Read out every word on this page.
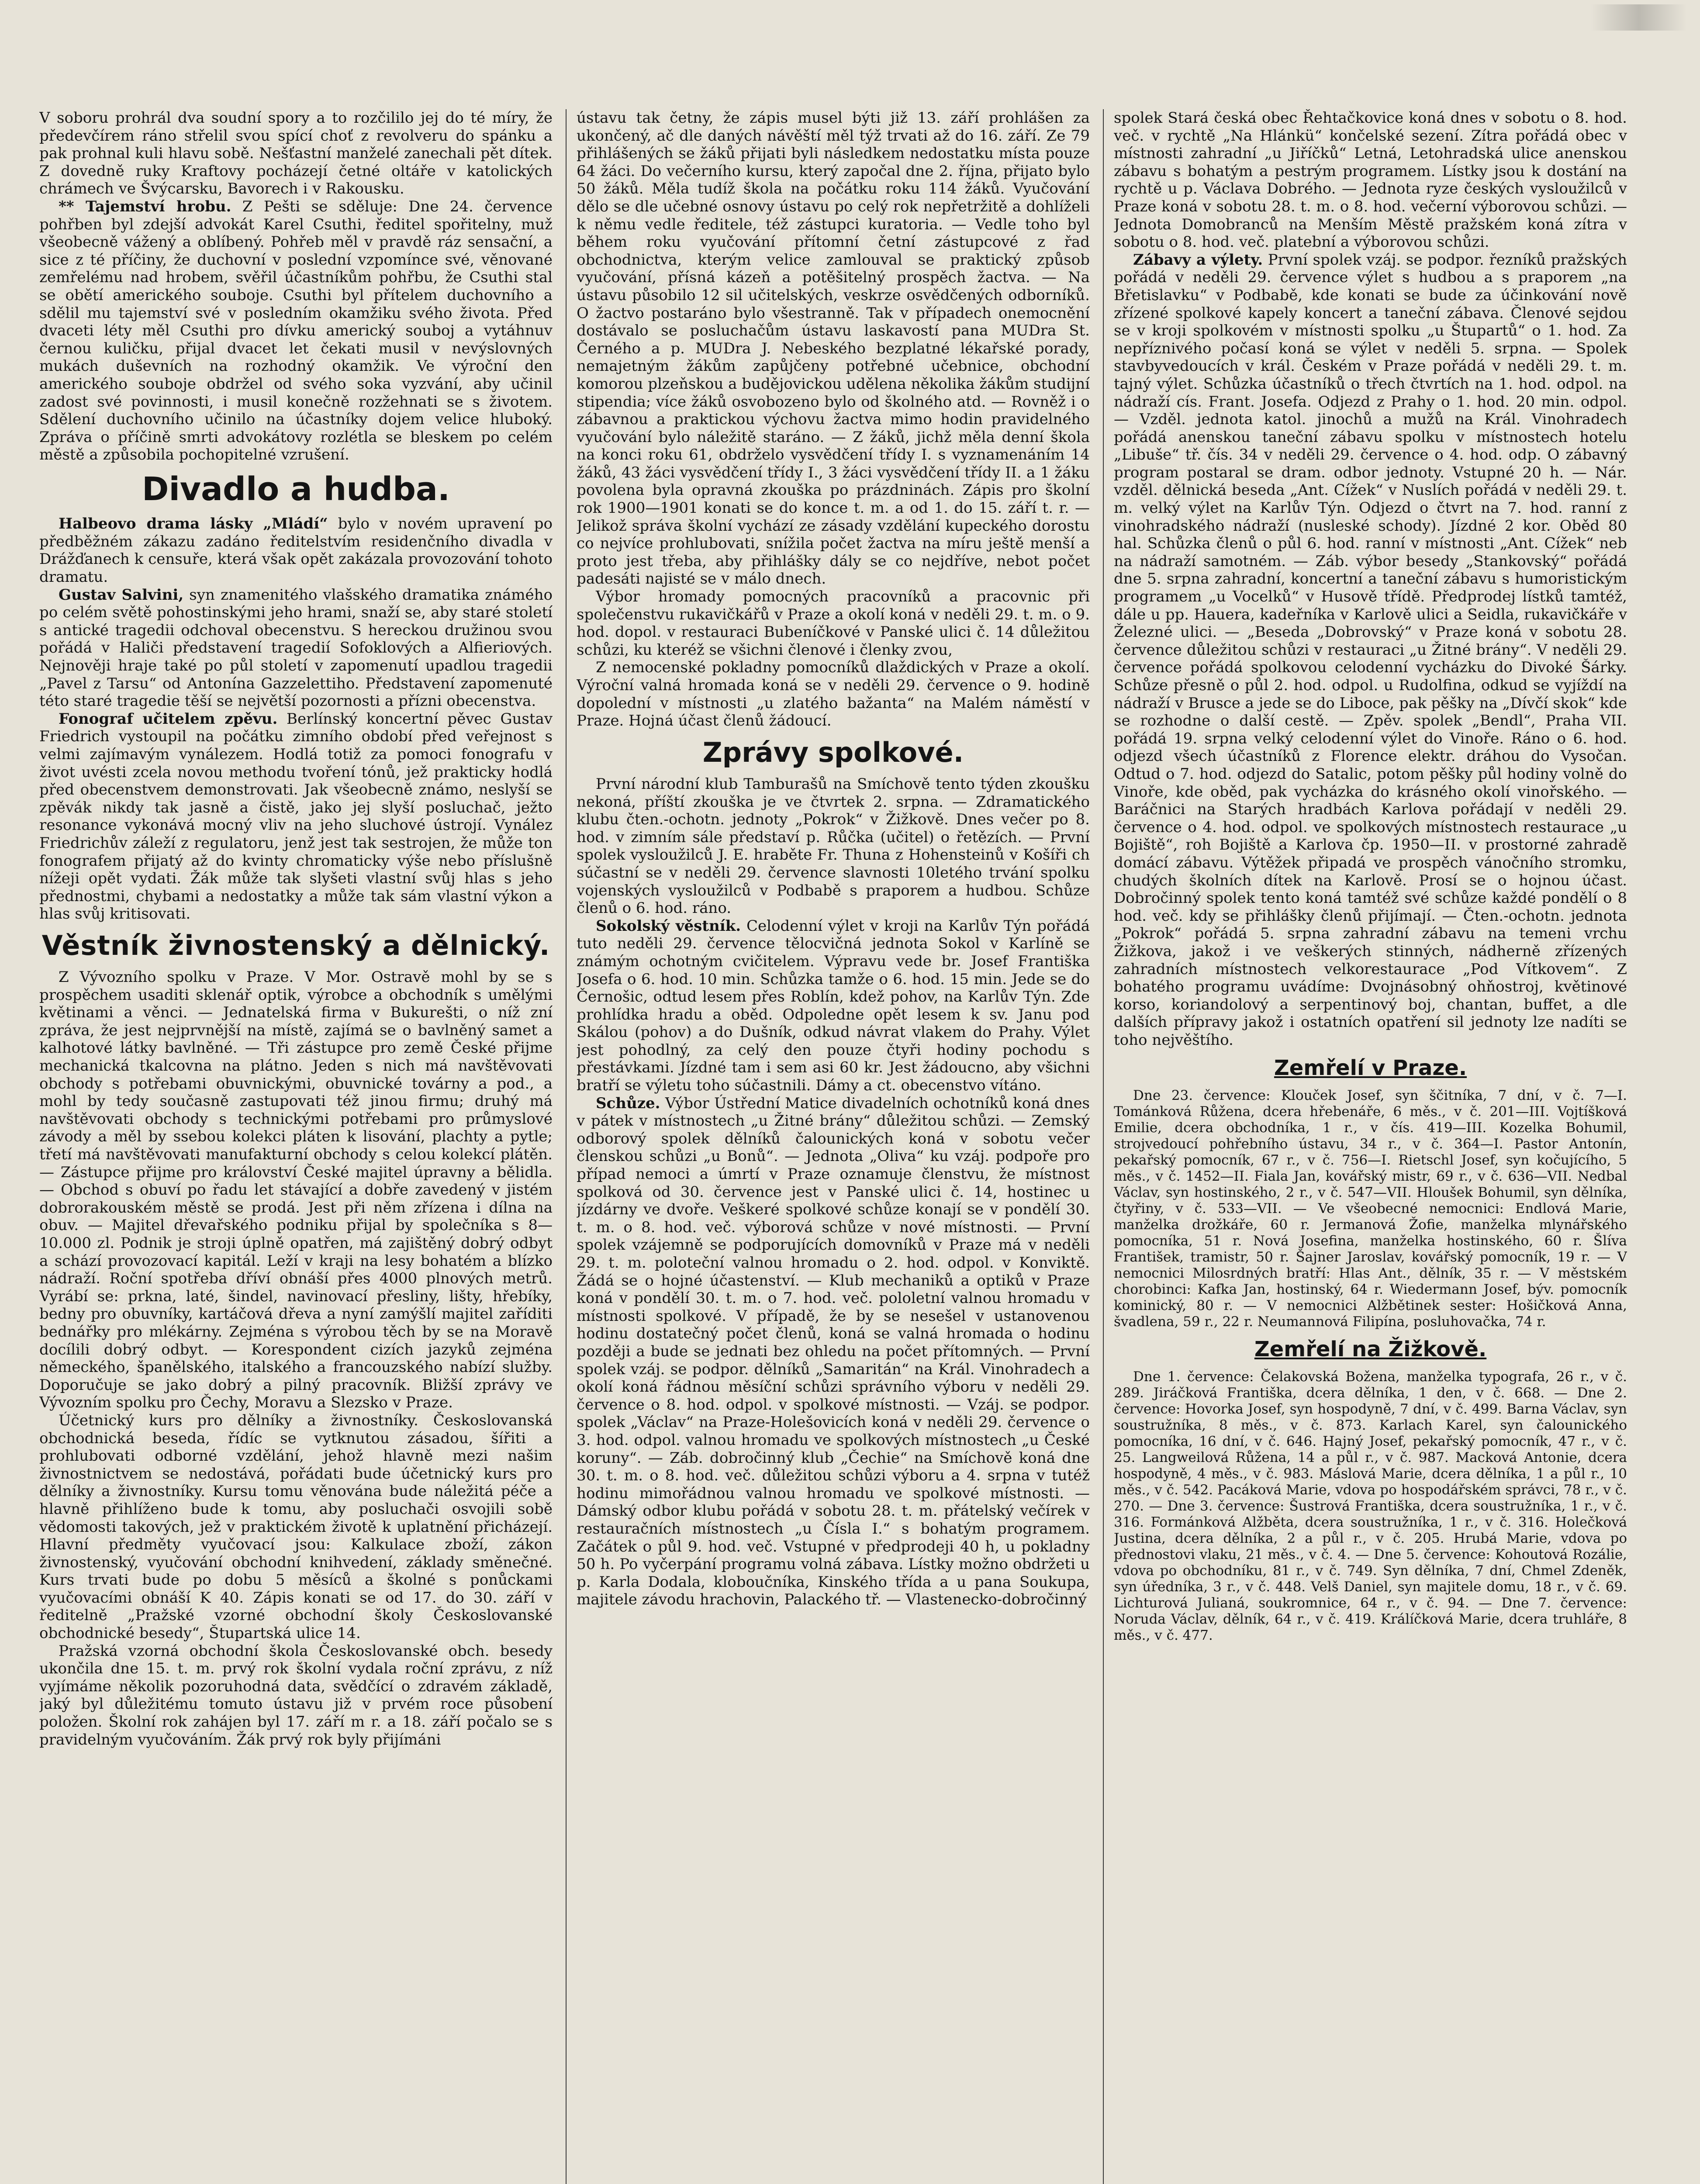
V soboru prohrál dva soudní spory a to rozčililo jej do té míry, že předevčírem ráno střelil svou spící choť z revolveru do spánku a pak prohnal kuli hlavu sobě. Nešťastní manželé zanechali pět dítek. Z dovedně ruky Kraftovy pocházejí četné oltáře v katolických chrámech ve Švýcarsku, Bavorech i v Rakousku.

** Tajemství hrobu. Z Pešti se sděluje: Dne 24. července pohřben byl zdejší advokát Karel Csuthi, ředitel spořitelny, muž všeobecně vážený a oblíbený. Pohřeb měl v pravdě ráz sensační, a sice z té příčiny, že duchovní v poslední vzpomínce své, věnované zemřelému nad hrobem, svěřil účastníkům pohřbu, že Csuthi stal se obětí amerického souboje. Csuthi byl přítelem duchovního a sdělil mu tajemství své v posledním okamžiku svého života. Před dvaceti léty měl Csuthi pro dívku americký souboj a vytáhnuv černou kuličku, přijal dvacet let čekati musil v nevýslovných mukách duševních na rozhodný okamžik. Ve výroční den amerického souboje obdržel od svého soka vyzvání, aby učinil zadost své povinnosti, i musil konečně rozžehnati se s životem. Sdělení duchovního učinilo na účastníky dojem velice hluboký. Zpráva o příčině smrti advokátovy rozlétla se bleskem po celém městě a způsobila pochopitelné vzrušení.

Divadlo a hudba.

Halbeovo drama lásky „Mládí“ bylo v novém upravení po předběžném zákazu zadáno ředitelstvím residenčního divadla v Drážďanech k censuře, která však opět zakázala provozování tohoto dramatu.

Gustav Salvini, syn znamenitého vlašského dramatika známého po celém světě pohostinskými jeho hrami, snaží se, aby staré století s antické tragedii odchoval obecenstvu. S hereckou družinou svou pořádá v Haliči představení tragedií Sofoklových a Alfieriových. Nejnověji hraje také po půl století v zapomenutí upadlou tragedii „Pavel z Tarsu“ od Antonína Gazzelettiho. Představení zapomenuté této staré tragedie těší se největší pozornosti a přízni obecenstva.

Fonograf učitelem zpěvu. Berlínský koncertní pěvec Gustav Friedrich vystoupil na počátku zimního období před veřejnost s velmi zajímavým vynálezem. Hodlá totiž za pomoci fonografu v život uvésti zcela novou methodu tvoření tónů, jež prakticky hodlá před obecenstvem demonstrovati. Jak všeobecně známo, neslyší se zpěvák nikdy tak jasně a čistě, jako jej slyší posluchač, ježto resonance vykonává mocný vliv na jeho sluchové ústrojí. Vynález Friedrichův záleží z regulatoru, jenž jest tak sestrojen, že může ton fonografem přijatý až do kvinty chromaticky výše nebo příslušně nížeji opět vydati. Žák může tak slyšeti vlastní svůj hlas s jeho přednostmi, chybami a nedostatky a může tak sám vlastní výkon a hlas svůj kritisovati.

Věstník živnostenský a dělnický.

Z Vývozního spolku v Praze. V Mor. Ostravě mohl by se s prospěchem usaditi sklenář optik, výrobce a obchodník s umělými květinami a věnci. — Jednatelská firma v Bukurešti, o níž zní zpráva, že jest nejprvnější na místě, zajímá se o bavlněný samet a kalhotové látky bavlněné. — Tři zástupce pro země České přijme mechanická tkalcovna na plátno. Jeden s nich má navštěvovati obchody s potřebami obuvnickými, obuvnické továrny a pod., a mohl by tedy současně zastupovati též jinou firmu; druhý má navštěvovati obchody s technickými potřebami pro průmyslové závody a měl by ssebou kolekci pláten k lisování, plachty a pytle; třetí má navštěvovati manufakturní obchody s celou kolekcí plátěn. — Zástupce přijme pro království České majitel úpravny a bělidla. — Obchod s obuví po řadu let stávající a dobře zavedený v jistém dobrorakouském městě se prodá. Jest při něm zřízena i dílna na obuv. — Majitel dřevařského podniku přijal by společníka s 8—10.000 zl. Podnik je stroji úplně opatřen, má zajištěný dobrý odbyt a schází provozovací kapitál. Leží v kraji na lesy bohatém a blízko nádraží. Roční spotřeba dříví obnáší přes 4000 plnových metrů. Vyrábí se: prkna, laté, šindel, navinovací přesliny, lišty, hřebíky, bedny pro obuvníky, kartáčová dřeva a nyní zamýšlí majitel zaříditi bednářky pro mlékárny. Zejména s výrobou těch by se na Moravě docílili dobrý odbyt. — Korespondent cizích jazyků zejména německého, španělského, italského a francouzského nabízí služby. Doporučuje se jako dobrý a pilný pracovník. Bližší zprávy ve Vývozním spolku pro Čechy, Moravu a Slezsko v Praze.

Účetnický kurs pro dělníky a živnostníky. Českoslovanská obchodnická beseda, řídíc se vytknutou zásadou, šířiti a prohlubovati odborné vzdělání, jehož hlavně mezi našim živnostnictvem se nedostává, pořádati bude účetnický kurs pro dělníky a živnostníky. Kursu tomu věnována bude náležitá péče a hlavně přihlíženo bude k tomu, aby posluchači osvojili sobě vědomosti takových, jež v praktickém životě k uplatnění přicházejí. Hlavní předměty vyučovací jsou: Kalkulace zboží, zákon živnostenský, vyučování obchodní knihvedení, základy směnečné. Kurs trvati bude po dobu 5 měsíců a školné s ponůckami vyučovacími obnáší K 40. Zápis konati se od 17. do 30. září v ředitelně „Pražské vzorné obchodní školy Českoslovanské obchodnické besedy“, Štupartská ulice 14.

Pražská vzorná obchodní škola Českoslovanské obch. besedy ukončila dne 15. t. m. prvý rok školní vydala roční zprávu, z níž vyjímáme několik pozoruhodná data, svědčící o zdravém základě, jaký byl důležitému tomuto ústavu již v prvém roce působení položen. Školní rok zahájen byl 17. září m r. a 18. září počalo se s pravidelným vyučováním. Žák prvý rok byly přijímáni

ústavu tak četny, že zápis musel býti již 13. září prohlášen za ukončený, ač dle daných návěští měl týž trvati až do 16. září. Ze 79 přihlášených se žáků přijati byli následkem nedostatku místa pouze 64 žáci. Do večerního kursu, který započal dne 2. října, přijato bylo 50 žáků. Měla tudíž škola na počátku roku 114 žáků. Vyučování dělo se dle učebné osnovy ústavu po celý rok nepřetržitě a dohlíželi k němu vedle ředitele, též zástupci kuratoria. — Vedle toho byl během roku vyučování přítomní četní zástupcové z řad obchodnictva, kterým velice zamlouval se praktický způsob vyučování, přísná kázeň a potěšitelný prospěch žactva. — Na ústavu působilo 12 sil učitelských, veskrze osvědčených odborníků. O žactvo postaráno bylo všestranně. Tak v případech onemocnění dostávalo se posluchačům ústavu laskavostí pana MUDra St. Černého a p. MUDra J. Nebeského bezplatné lékařské porady, nemajetným žákům zapůjčeny potřebné učebnice, obchodní komorou plzeňskou a budějovickou udělena několika žákům studijní stipendia; více žáků osvobozeno bylo od školného atd. — Rovněž i o zábavnou a praktickou výchovu žactva mimo hodin pravidelného vyučování bylo náležitě staráno. — Z žáků, jichž měla denní škola na konci roku 61, obdrželo vysvědčení třídy I. s vyznamenáním 14 žáků, 43 žáci vysvědčení třídy I., 3 žáci vysvědčení třídy II. a 1 žáku povolena byla opravná zkouška po prázdninách. Zápis pro školní rok 1900—1901 konati se do konce t. m. a od 1. do 15. září t. r. — Jelikož správa školní vychází ze zásady vzdělání kupeckého dorostu co nejvíce prohlubovati, snížila počet žactva na míru ještě menší a proto jest třeba, aby přihlášky dály se co nejdříve, nebot počet padesáti najisté se v málo dnech.

Výbor hromady pomocných pracovníků a pracovnic při společenstvu rukavičkářů v Praze a okolí koná v neděli 29. t. m. o 9. hod. dopol. v restauraci Bubeníčkové v Panské ulici č. 14 důležitou schůzi, ku kteréž se všichni členové i členky zvou,

Z nemocenské pokladny pomocníků dlaždických v Praze a okolí. Výroční valná hromada koná se v neděli 29. července o 9. hodině dopolední v místnosti „u zlatého bažanta“ na Malém náměstí v Praze. Hojná účast členů žádoucí.

Zprávy spolkové.

První národní klub Tamburašů na Smíchově tento týden zkoušku nekoná, příští zkouška je ve čtvrtek 2. srpna. — Zdramatického klubu čten.-ochotn. jednoty „Pokrok“ v Žižkově. Dnes večer po 8. hod. v zimním sále představí p. Růčka (učitel) o řetězích. — První spolek vysloužilců J. E. hraběte Fr. Thuna z Hohensteinů v Košíři ch súčastní se v neděli 29. července slavnosti 10letého trvání spolku vojenských vysloužilců v Podbabě s praporem a hudbou. Schůze členů o 6. hod. ráno.

Sokolský věstník. Celodenní výlet v kroji na Karlův Týn pořádá tuto neděli 29. července tělocvičná jednota Sokol v Karlíně se známým ochotným cvičitelem. Výpravu vede br. Josef Františka Josefa o 6. hod. 10 min. Schůzka tamže o 6. hod. 15 min. Jede se do Černošic, odtud lesem přes Roblín, kdež pohov, na Karlův Týn. Zde prohlídka hradu a oběd. Odpoledne opět lesem k sv. Janu pod Skálou (pohov) a do Dušník, odkud návrat vlakem do Prahy. Výlet jest pohodlný, za celý den pouze čtyři hodiny pochodu s přestávkami. Jízdné tam i sem asi 60 kr. Jest žádoucno, aby všichni bratří se výletu toho súčastnili. Dámy a ct. obecenstvo vítáno.

Schůze. Výbor Ústřední Matice divadelních ochotníků koná dnes v pátek v místnostech „u Žitné brány“ důležitou schůzi. — Zemský odborový spolek dělníků čalounických koná v sobotu večer členskou schůzi „u Bonů“. — Jednota „Oliva“ ku vzáj. podpoře pro případ nemoci a úmrtí v Praze oznamuje členstvu, že místnost spolková od 30. července jest v Panské ulici č. 14, hostinec u jízdárny ve dvoře. Veškeré spolkové schůze konají se v pondělí 30. t. m. o 8. hod. več. výborová schůze v nové místnosti. — První spolek vzájemně se podporujících domovníků v Praze má v neděli 29. t. m. poloteční valnou hromadu o 2. hod. odpol. v Konviktě. Žádá se o hojné účastenství. — Klub mechaniků a optiků v Praze koná v pondělí 30. t. m. o 7. hod. več. pololetní valnou hromadu v místnosti spolkové. V případě, že by se nesešel v ustanovenou hodinu dostatečný počet členů, koná se valná hromada o hodinu později a bude se jednati bez ohledu na počet přítomných. — První spolek vzáj. se podpor. dělníků „Samaritán“ na Král. Vinohradech a okolí koná řádnou měsíční schůzi správního výboru v neděli 29. července o 8. hod. odpol. v spolkové místnosti. — Vzáj. se podpor. spolek „Václav“ na Praze-Holešovicích koná v neděli 29. července o 3. hod. odpol. valnou hromadu ve spolkových místnostech „u České koruny“. — Záb. dobročinný klub „Čechie“ na Smíchově koná dne 30. t. m. o 8. hod. več. důležitou schůzi výboru a 4. srpna v tutéž hodinu mimořádnou valnou hromadu ve spolkové místnosti. — Dámský odbor klubu pořádá v sobotu 28. t. m. přátelský večírek v restauračních místnostech „u Čísla I.“ s bohatým programem. Začátek o půl 9. hod. več. Vstupné v předprodeji 40 h, u pokladny 50 h. Po vyčerpání programu volná zábava. Lístky možno obdržeti u p. Karla Dodala, kloboučníka, Kinského třída a u pana Soukupa, majitele závodu hrachovin, Palackého tř. — Vlastenecko-dobročinný

spolek Stará česká obec Řehtačkovice koná dnes v sobotu o 8. hod. več. v rychtě „Na Hlánkü“ končelské sezení. Zítra pořádá obec v místnosti zahradní „u Jiříčků“ Letná, Letohradská ulice anenskou zábavu s bohatým a pestrým programem. Lístky jsou k dostání na rychtě u p. Václava Dobrého. — Jednota ryze českých vysloužilců v Praze koná v sobotu 28. t. m. o 8. hod. večerní výborovou schůzi. — Jednota Domobranců na Menším Městě pražském koná zítra v sobotu o 8. hod. več. platební a výborovou schůzi.

Zábavy a výlety. První spolek vzáj. se podpor. řezníků pražských pořádá v neděli 29. července výlet s hudbou a s praporem „na Břetislavku“ v Podbabě, kde konati se bude za účinkování nově zřízené spolkové kapely koncert a taneční zábava. Členové sejdou se v kroji spolkovém v místnosti spolku „u Štupartů“ o 1. hod. Za nepříznivého počasí koná se výlet v neděli 5. srpna. — Spolek stavbyvedoucích v král. Českém v Praze pořádá v neděli 29. t. m. tajný výlet. Schůzka účastníků o třech čtvrtích na 1. hod. odpol. na nádraží cís. Frant. Josefa. Odjezd z Prahy o 1. hod. 20 min. odpol. — Vzděl. jednota katol. jinochů a mužů na Král. Vinohradech pořádá anenskou taneční zábavu spolku v místnostech hotelu „Libuše“ tř. čís. 34 v neděli 29. července o 4. hod. odp. O zábavný program postaral se dram. odbor jednoty. Vstupné 20 h. — Nár. vzděl. dělnická beseda „Ant. Cížek“ v Nuslích pořádá v neděli 29. t. m. velký výlet na Karlův Týn. Odjezd o čtvrt na 7. hod. ranní z vinohradského nádraží (nusleské schody). Jízdné 2 kor. Oběd 80 hal. Schůzka členů o půl 6. hod. ranní v místnosti „Ant. Cížek“ neb na nádraží samotném. — Záb. výbor besedy „Stankovský“ pořádá dne 5. srpna zahradní, koncertní a taneční zábavu s humoristickým programem „u Vocelků“ v Husově třídě. Předprodej lístků tamtéž, dále u pp. Hauera, kadeřníka v Karlově ulici a Seidla, rukavičkáře v Železné ulici. — „Beseda „Dobrovský“ v Praze koná v sobotu 28. července důležitou schůzi v restauraci „u Žitné brány“. V neděli 29. července pořádá spolkovou celodenní vycházku do Divoké Šárky. Schůze přesně o půl 2. hod. odpol. u Rudolfina, odkud se vyjíždí na nádraží v Brusce a jede se do Liboce, pak pěšky na „Dívčí skok“ kde se rozhodne o další cestě. — Zpěv. spolek „Bendl“, Praha VII. pořádá 19. srpna velký celodenní výlet do Vinoře. Ráno o 6. hod. odjezd všech účastníků z Florence elektr. dráhou do Vysočan. Odtud o 7. hod. odjezd do Satalic, potom pěšky půl hodiny volně do Vinoře, kde oběd, pak vycházka do krásného okolí vinořského. — Baráčnici na Starých hradbách Karlova pořádají v neděli 29. července o 4. hod. odpol. ve spolkových místnostech restaurace „u Bojiště“, roh Bojiště a Karlova čp. 1950—II. v prostorné zahradě domácí zábavu. Výtěžek připadá ve prospěch vánočního stromku, chudých školních dítek na Karlově. Prosí se o hojnou účast. Dobročinný spolek tento koná tamtéž své schůze každé pondělí o 8 hod. več. kdy se přihlášky členů přijímají. — Čten.-ochotn. jednota „Pokrok“ pořádá 5. srpna zahradní zábavu na temeni vrchu Žižkova, jakož i ve veškerých stinných, nádherně zřízených zahradních místnostech velkorestaurace „Pod Vítkovem“. Z bohatého programu uvádíme: Dvojnásobný ohňostroj, květinové korso, koriandolový a serpentinový boj, chantan, buffet, a dle dalších přípravy jakož i ostatních opatření sil jednoty lze nadíti se toho nejvěštího.

Zemřelí v Praze.

Dne 23. července: Klouček Josef, syn ščitníka, 7 dní, v č. 7—I. Tománková Růžena, dcera hřebenáře, 6 měs., v č. 201—III. Vojtíšková Emilie, dcera obchodníka, 1 r., v čís. 419—III. Kozelka Bohumil, strojvedoucí pohřebního ústavu, 34 r., v č. 364—I. Pastor Antonín, pekařský pomocník, 67 r., v č. 756—I. Rietschl Josef, syn kočujícího, 5 měs., v č. 1452—II. Fiala Jan, kovářský mistr, 69 r., v č. 636—VII. Nedbal Václav, syn hostinského, 2 r., v č. 547—VII. Hloušek Bohumil, syn dělníka, čtyřiny, v č. 533—VII. — Ve všeobecné nemocnici: Endlová Marie, manželka drožkáře, 60 r. Jermanová Žofie, manželka mlynářského pomocníka, 51 r. Nová Josefina, manželka hostinského, 60 r. Šlíva František, tramistr, 50 r. Šajner Jaroslav, kovářský pomocník, 19 r. — V nemocnici Milosrdných bratří: Hlas Ant., dělník, 35 r. — V městském chorobinci: Kafka Jan, hostinský, 64 r. Wiedermann Josef, býv. pomocník kominický, 80 r. — V nemocnici Alžbětinek sester: Hošičková Anna, švadlena, 59 r., 22 r. Neumannová Filipína, posluhovačka, 74 r.

Zemřelí na Žižkově.

Dne 1. července: Čelakovská Božena, manželka typografa, 26 r., v č. 289. Jiráčková Františka, dcera dělníka, 1 den, v č. 668. — Dne 2. července: Hovorka Josef, syn hospodyně, 7 dní, v č. 499. Barna Václav, syn soustružníka, 8 měs., v č. 873. Karlach Karel, syn čalounického pomocníka, 16 dní, v č. 646. Hajný Josef, pekařský pomocník, 47 r., v č. 25. Langweilová Růžena, 14 a půl r., v č. 987. Macková Antonie, dcera hospodyně, 4 měs., v č. 983. Máslová Marie, dcera dělníka, 1 a půl r., 10 měs., v č. 542. Pacáková Marie, vdova po hospodářském správci, 78 r., v č. 270. — Dne 3. července: Šustrová Františka, dcera soustružníka, 1 r., v č. 316. Formánková Alžběta, dcera soustružníka, 1 r., v č. 316. Holečková Justina, dcera dělníka, 2 a půl r., v č. 205. Hrubá Marie, vdova po přednostovi vlaku, 21 měs., v č. 4. — Dne 5. července: Kohoutová Rozálie, vdova po obchodníku, 81 r., v č. 749. Syn dělníka, 7 dní, Chmel Zdeněk, syn úředníka, 3 r., v č. 448. Velš Daniel, syn majitele domu, 18 r., v č. 69. Lichturová Julianá, soukromnice, 64 r., v č. 94. — Dne 7. července: Noruda Václav, dělník, 64 r., v č. 419. Králíčková Marie, dcera truhláře, 8 měs., v č. 477.
